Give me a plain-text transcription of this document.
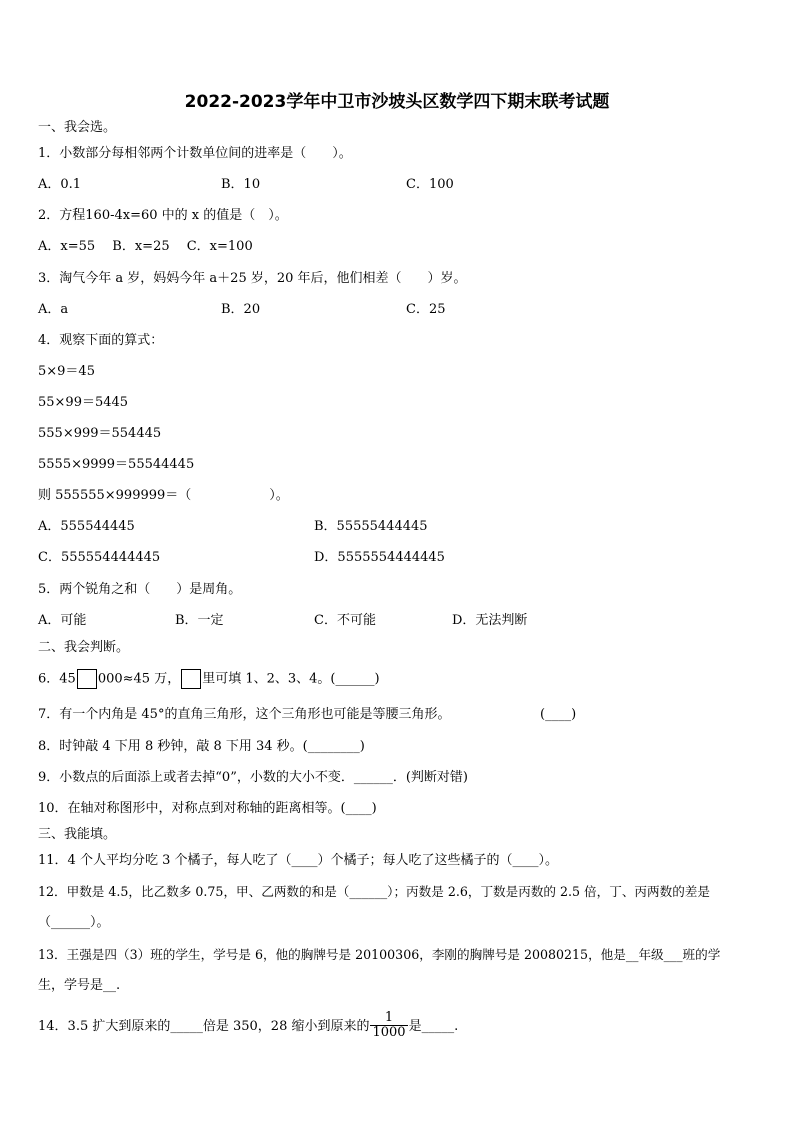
2022-2023学年中卫市沙坡头区数学四下期末联考试题
一、我会选。
1．小数部分每相邻两个计数单位间的进率是（　　）。
A．0.1	B．10	C．100
2．方程160-4x=60 中的 x 的值是（　）。
A．x=55　 B．x=25　 C．x=100
3．淘气今年 a 岁，妈妈今年 a＋25 岁，20 年后，他们相差（　　）岁。
A．a	B．20	C．25
4．观察下面的算式：
5×9＝45
55×99＝5445
555×999＝554445
5555×9999＝55544445
则 555555×999999＝（　　　　　　）。
A．555544445	B．55555444445
C．555554444445	D．5555554444445
5．两个锐角之和（　　）是周角。
A．可能	B．一定	C．不可能	D．无法判断
二、我会判断。
6．45 000≈45 万， 里可填 1、2、3、4。(______)
7．有一个内角是 45°的直角三角形，这个三角形也可能是等腰三角形。	(____)
8．时钟敲 4 下用 8 秒钟，敲 8 下用 34 秒。(________)
9．小数点的后面添上或者去掉“0”，小数的大小不变．______．(判断对错)
10．在轴对称图形中，对称点到对称轴的距离相等。(____)
三、我能填。
11．4 个人平均分吃 3 个橘子，每人吃了（____）个橘子；每人吃了这些橘子的（____）。
12．甲数是 4.5，比乙数多 0.75，甲、乙两数的和是（______）；丙数是 2.6，丁数是丙数的 2.5 倍，丁、丙两数的差是
（______）。
13．王强是四（3）班的学生，学号是 6，他的胸牌号是 20100306，李刚的胸牌号是 20080215，他是__年级___班的学
生，学号是__.
14．3.5 扩大到原来的_____倍是 350，28 缩小到原来的 $\frac{1}{1000}$ 是_____.
